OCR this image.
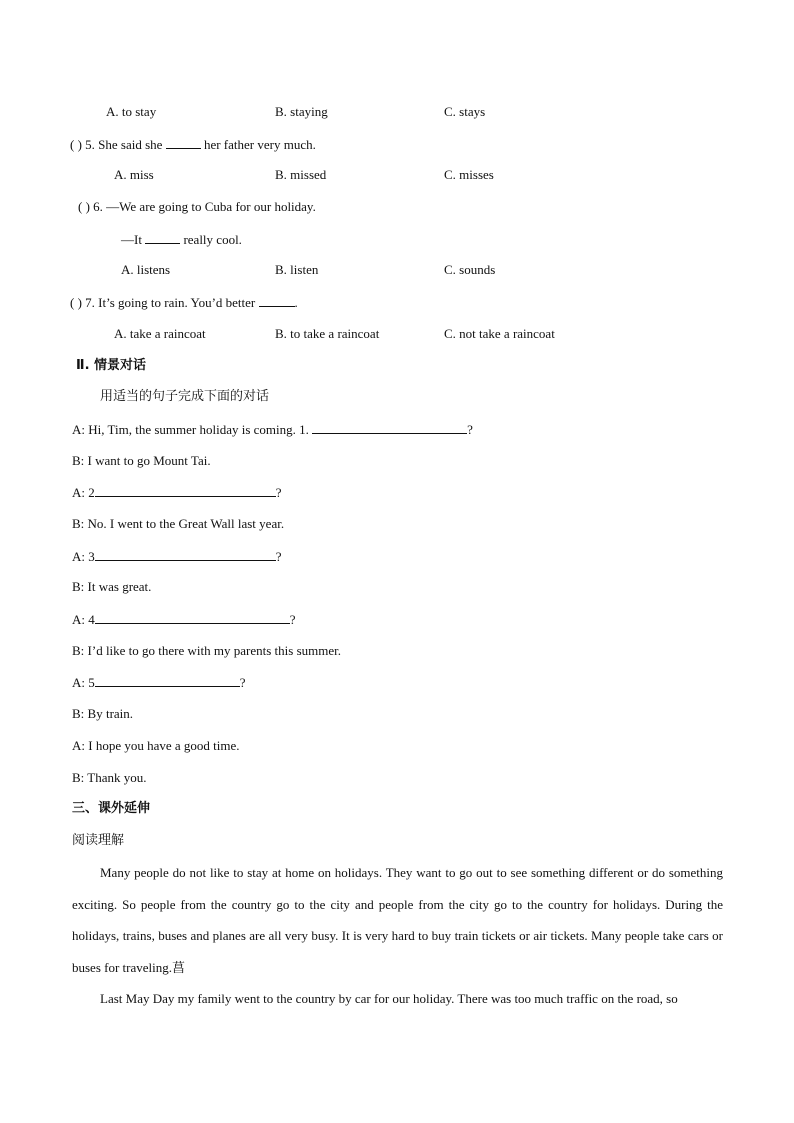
A. to stay	B. staying	C. stays
( ) 5. She said she	her father very much.
A. miss	B. missed	C. misses
( ) 6. —We are going to Cuba for our holiday.
—It	really cool.
A. listens	B. listen	C. sounds
( ) 7. It’s going to rain. You’d better	.
A. take a raincoat	B. to take a raincoat	C. not take a raincoat
Ⅱ. 情景对话
用适当的句子完成下面的对话
A: Hi, Tim, the summer holiday is coming. 1.	?
B: I want to go Mount Tai.
A: 2	?
B: No. I went to the Great Wall last year.
A: 3	?
B: It was great.
A: 4	?
B: I’d like to go there with my parents this summer.
A: 5	?
B: By train.
A: I hope you have a good time.
B: Thank you.
三、课外延伸
阅读理解

Many people do not like to stay at home on holidays. They want to go out to see something different or do something exciting. So people from the country go to the city and people from the city go to the country for holidays. During the holidays, trains, buses and planes are all very busy. It is very hard to buy train tickets or air tickets. Many people take cars or buses for traveling.菖

Last May Day my family went to the country by car for our holiday. There was too much traffic on the road, so
